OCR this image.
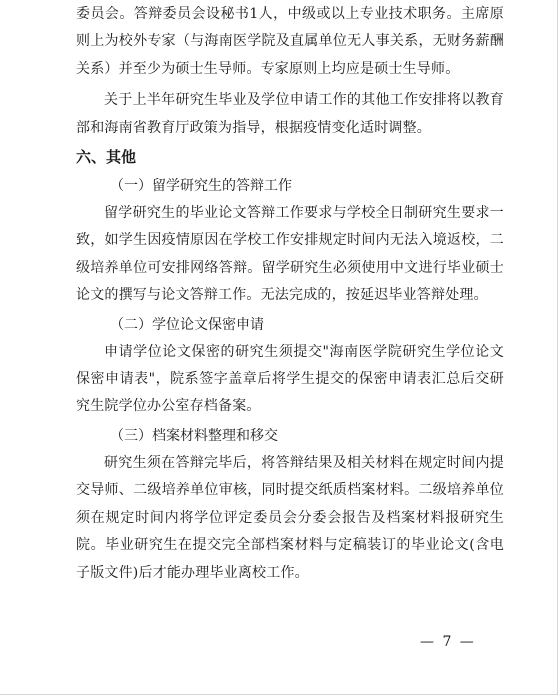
委员会。答辩委员会设秘书1人，中级或以上专业技术职务。主席原则上为校外专家（与海南医学院及直属单位无人事关系，无财务薪酬关系）并至少为硕士生导师。专家原则上均应是硕士生导师。

关于上半年研究生毕业及学位申请工作的其他工作安排将以教育部和海南省教育厅政策为指导，根据疫情变化适时调整。

六、其他

（一）留学研究生的答辩工作

留学研究生的毕业论文答辩工作要求与学校全日制研究生要求一致，如学生因疫情原因在学校工作安排规定时间内无法入境返校，二级培养单位可安排网络答辩。留学研究生必须使用中文进行毕业硕士论文的撰写与论文答辩工作。无法完成的，按延迟毕业答辩处理。

（二）学位论文保密申请

申请学位论文保密的研究生须提交"海南医学院研究生学位论文保密申请表"，院系签字盖章后将学生提交的保密申请表汇总后交研究生院学位办公室存档备案。

（三）档案材料整理和移交

研究生须在答辩完毕后，将答辩结果及相关材料在规定时间内提交导师、二级培养单位审核，同时提交纸质档案材料。二级培养单位须在规定时间内将学位评定委员会分委会报告及档案材料报研究生院。毕业研究生在提交完全部档案材料与定稿装订的毕业论文(含电子版文件)后才能办理毕业离校工作。

— 7 —
